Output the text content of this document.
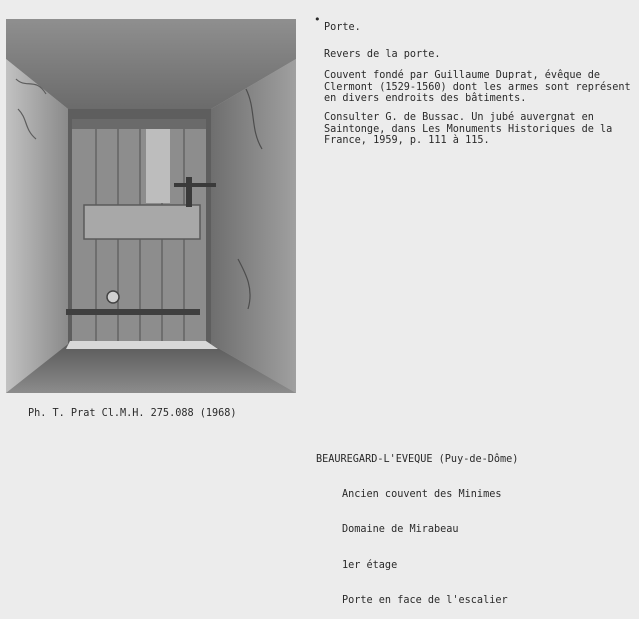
•
Porte.
Revers de la porte.
Couvent fondé par Guillaume Duprat, évêque de
Clermont (1529-1560) dont les armes sont représent
en divers endroits des bâtiments.
Consulter G. de Bussac. Un jubé auvergnat en
Saintonge, dans Les Monuments Historiques de la
France, 1959, p. 111 à 115.
Ph. T. Prat Cl.M.H. 275.088 (1968)

BEAUREGARD-L'EVEQUE (Puy-de-Dôme)

Ancien couvent des Minimes

Domaine de Mirabeau

1er étage

Porte en face de l'escalier
